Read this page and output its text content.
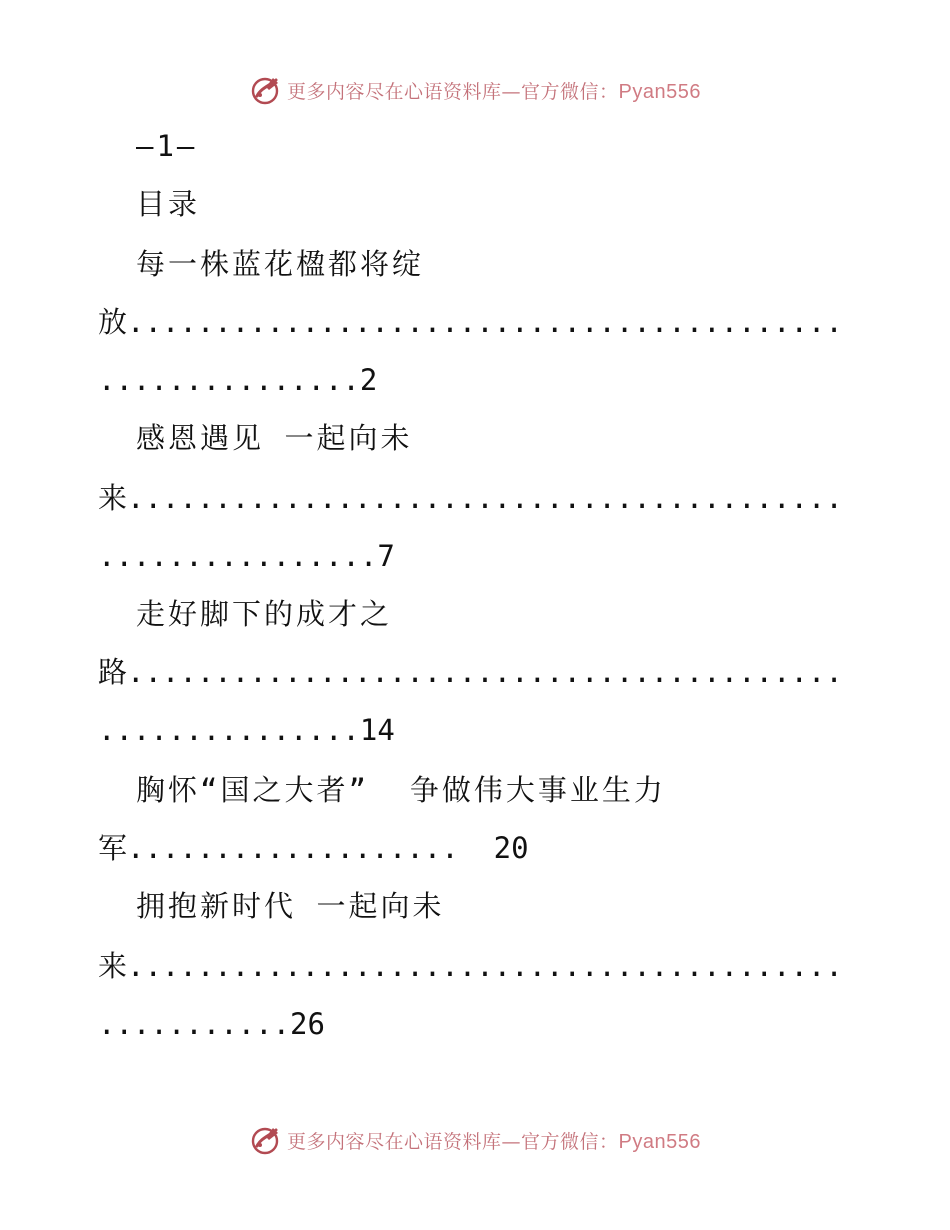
更多内容尽在心语资料库—官方微信：Pyan556
—1—
目录
每一株蓝花楹都将绽
放.........................................
...............2
感恩遇见 一起向未
来.........................................
................7
走好脚下的成才之
路.........................................
...............14
胸怀“国之大者”  争做伟大事业生力
军...................  20
拥抱新时代 一起向未
来.........................................
...........26
更多内容尽在心语资料库—官方微信：Pyan556
